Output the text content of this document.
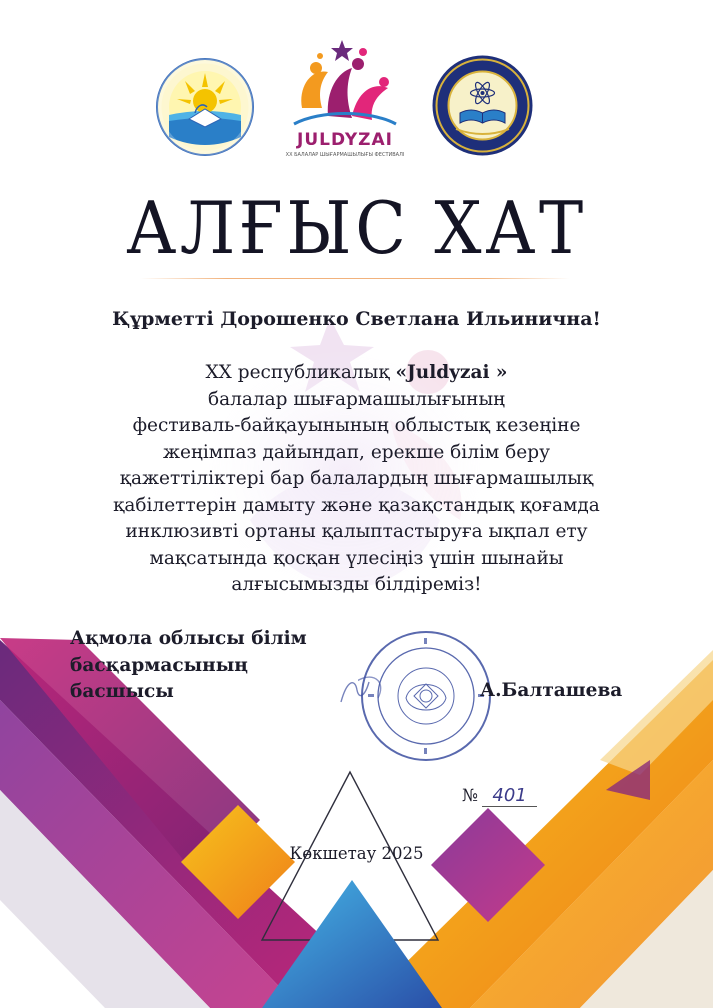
JULDYZAI
XX БАЛАЛАР ШЫҒАРМАШЫЛЫҒЫ ФЕСТИВАЛІ
АЛҒЫС ХАТ
Құрметті Дорошенко Светлана Ильинична!
XX республикалық «Juldyzai »
балалар шығармашылығының
фестиваль-байқауынының облыстық кезеңіне
жеңімпаз дайындап, ерекше білім беру
қажеттіліктері бар балалардың шығармашылық
қабілеттерін дамыту және қазақстандық қоғамда
инклюзивті ортаны қалыптастыруға ықпал ету
мақсатында қосқан үлесіңіз үшін шынайы
алғысымызды білдіреміз!
Ақмола облысы білім
басқармасының
басшысы	А.Балташева
№ 401
Көкшетау 2025
